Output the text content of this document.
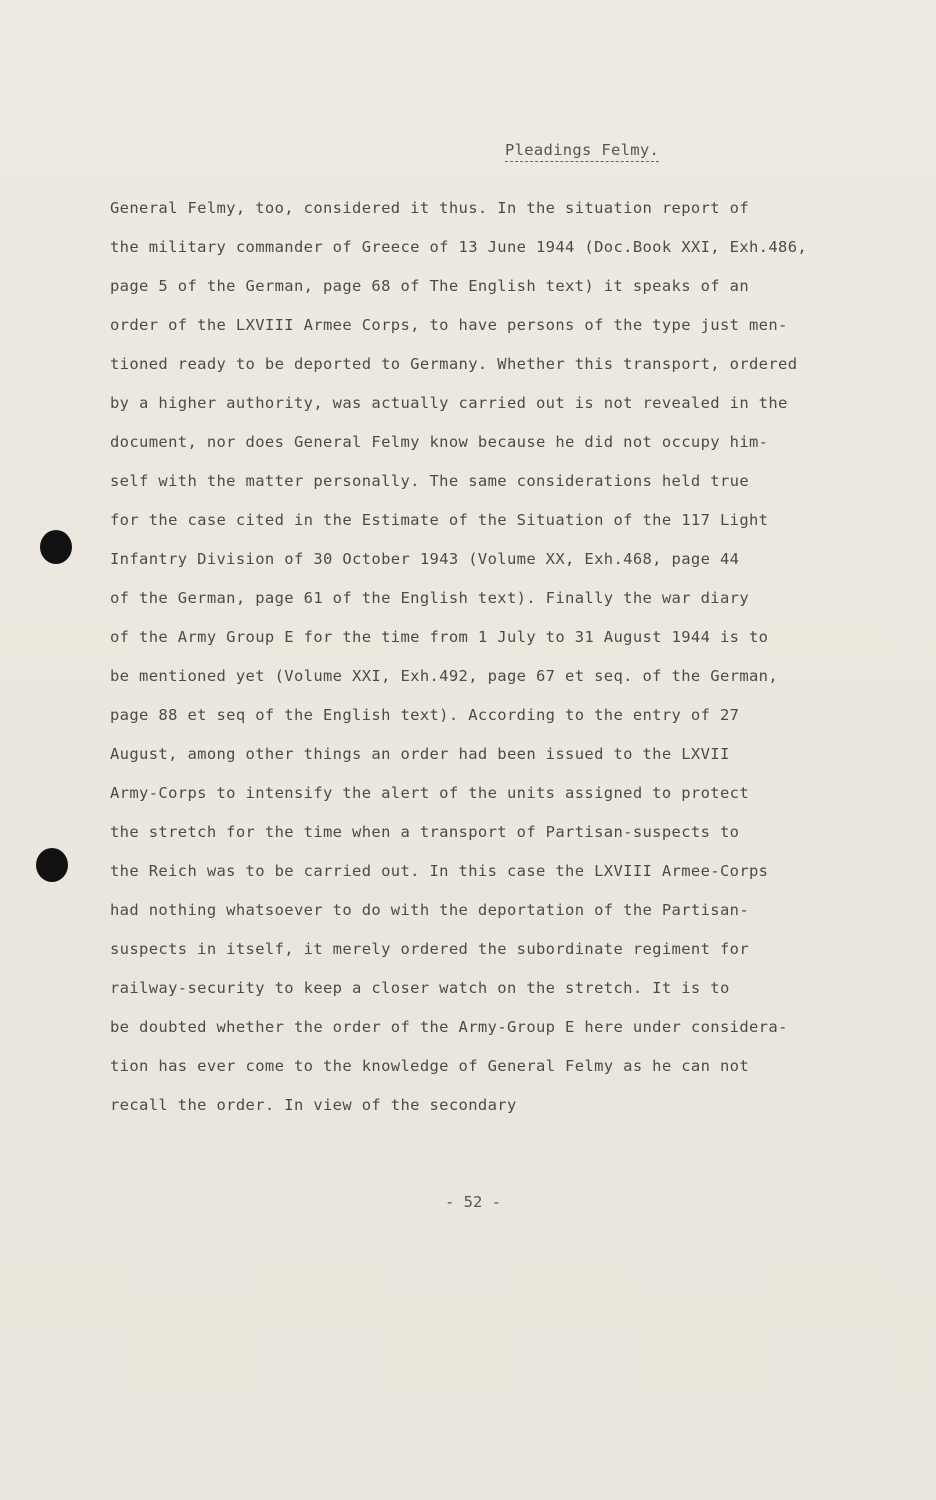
Pleadings Felmy.
General Felmy, too, considered it thus. In the situation report of
the military commander of Greece of 13 June 1944 (Doc.Book XXI, Exh.486,
page 5 of the German, page 68 of The English text) it speaks of an
order of the LXVIII Armee Corps, to have persons of the type just men-
tioned ready to be deported to Germany. Whether this transport, ordered
by a higher authority, was actually carried out is not revealed in the
document, nor does General Felmy know because he did not occupy him-
self with the matter personally. The same considerations held true
for the case cited in the Estimate of the Situation of the 117 Light
Infantry Division of 30 October 1943 (Volume XX, Exh.468, page 44
of the German, page 61 of the English text). Finally the war diary
of the Army Group E for the time from 1 July to 31 August 1944 is to
be mentioned yet (Volume XXI, Exh.492, page 67 et seq. of the German,
page 88 et seq of the English text). According to the entry of 27
August, among other things an order had been issued to the LXVII
Army-Corps to intensify the alert of the units assigned to protect
the stretch for the time when a transport of Partisan-suspects to
the Reich was to be carried out. In this case the LXVIII Armee-Corps
had nothing whatsoever to do with the deportation of the Partisan-
suspects in itself, it merely ordered the subordinate regiment for
railway-security to keep a closer watch on the stretch. It is to
be doubted whether the order of the Army-Group E here under considera-
tion has ever come to the knowledge of General Felmy as he can not
recall the order. In view of the secondary
- 52 -
